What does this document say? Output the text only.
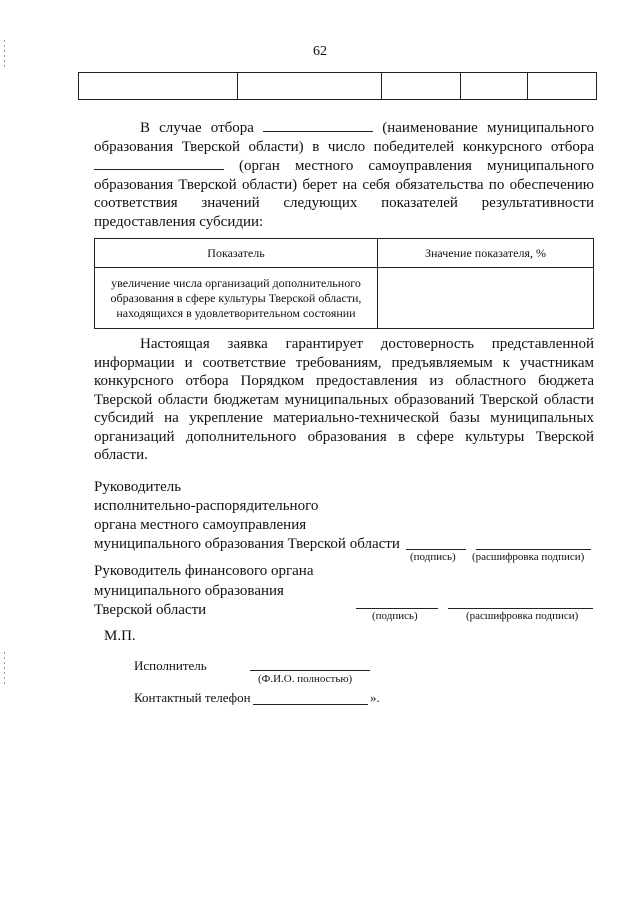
62

В случае отбора	(наименование муниципального образования Тверской области) в число победителей конкурсного отбора  (орган местного самоуправления муниципального образования Тверской области) берет на себя обязательства по обеспечению соответствия значений следующих показателей результативности предоставления субсидии:
Показатель	Значение показателя, %
увеличение числа организаций дополнительного образования в сфере культуры Тверской области, находящихся в удовлетворительном состоянии	
Настоящая заявка гарантирует достоверность представленной информации и соответствие требованиям, предъявляемым к участникам конкурсного отбора Порядком предоставления из областного бюджета Тверской области бюджетам муниципальных образований Тверской области субсидий на укрепление материально-технической базы муниципальных организаций дополнительного образования в сфере культуры Тверской области.
Руководитель
исполнительно-распорядительного
органа местного самоуправления
муниципального образования Тверской области
(подпись) (расшифровка подписи)
Руководитель финансового органа
муниципального образования
Тверской области	(подпись)	(расшифровка подписи)
М.П.
Исполнитель
(Ф.И.О. полностью)
Контактный телефон	».
